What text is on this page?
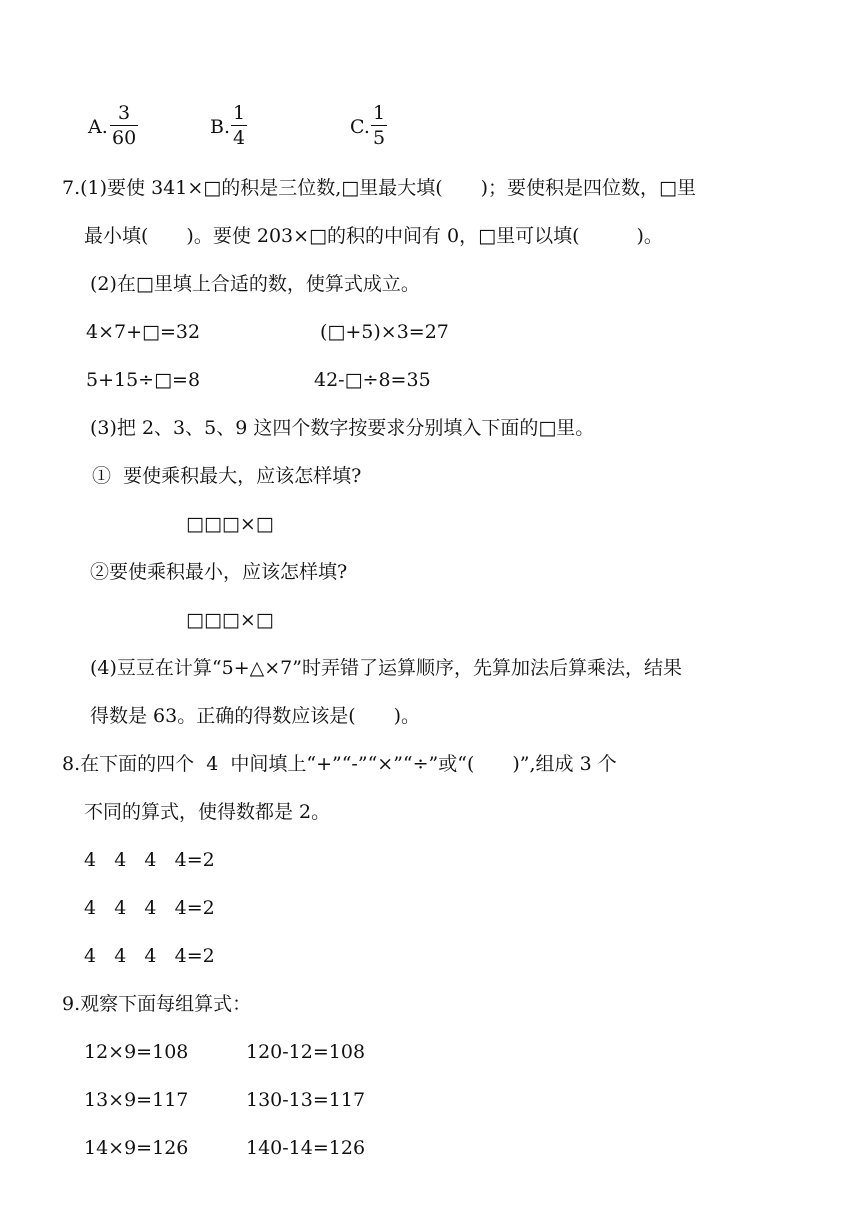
A.
3
60	B.
1
4	C.
1
5
7.(1)要使 341×□的积是三位数,□里最大填(　　)；要使积是四位数，□里
最小填(　　)。要使 203×□的积的中间有 0，□里可以填(　　　)。
(2)在□里填上合适的数，使算式成立。
4×7+□=32	(□+5)×3=27
5+15÷□=8	42-□÷8=35
(3)把 2、3、5、9 这四个数字按要求分别填入下面的□里。
①  要使乘积最大，应该怎样填?
□□□×□
②要使乘积最小，应该怎样填?
□□□×□
(4)豆豆在计算“5+△×7”时弄错了运算顺序，先算加法后算乘法，结果
得数是 63。正确的得数应该是(　　)。
8.在下面的四个  4  中间填上“+”“-”“×”“÷”或“(　　)”,组成 3 个
不同的算式，使得数都是 2。
4   4   4   4=2
4   4   4   4=2
4   4   4   4=2
9.观察下面每组算式：
12×9=108	120-12=108
13×9=117	130-13=117
14×9=126	140-14=126
